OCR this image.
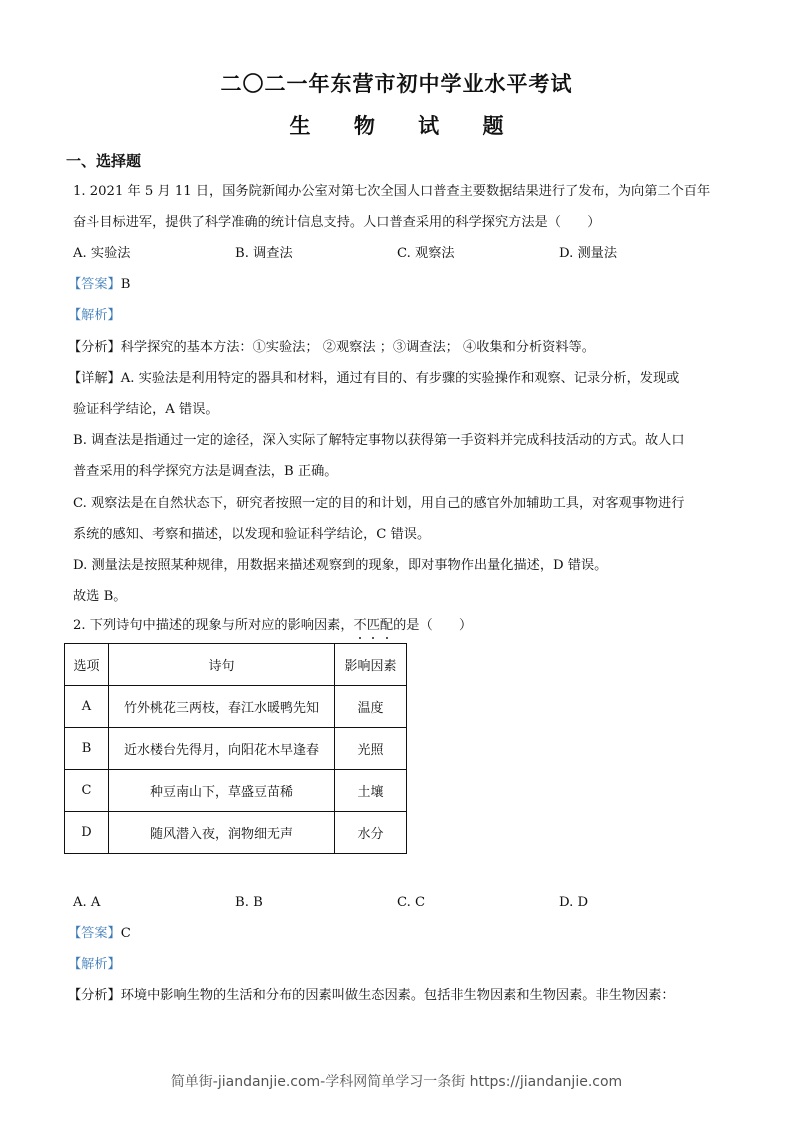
二〇二一年东营市初中学业水平考试
生 物 试 题
一、选择题
1. 2021 年 5 月 11 日，国务院新闻办公室对第七次全国人口普查主要数据结果进行了发布，为向第二个百年
奋斗目标进军，提供了科学准确的统计信息支持。人口普查采用的科学探究方法是（　　）
A. 实验法	B. 调查法	C. 观察法	D. 测量法
【答案】B
【解析】
【分析】科学探究的基本方法：①实验法； ②观察法 ；③调查法； ④收集和分析资料等。
【详解】A. 实验法是利用特定的器具和材料，通过有目的、有步骤的实验操作和观察、记录分析，发现或
验证科学结论，A 错误。
B. 调查法是指通过一定的途径，深入实际了解特定事物以获得第一手资料并完成科技活动的方式。故人口
普查采用的科学探究方法是调查法，B 正确。
C. 观察法是在自然状态下，研究者按照一定的目的和计划，用自己的感官外加辅助工具，对客观事物进行
系统的感知、考察和描述，以发现和验证科学结论，C 错误。
D. 测量法是按照某种规律，用数据来描述观察到的现象，即对事物作出量化描述，D 错误。
故选 B。
2. 下列诗句中描述的现象与所对应的影响因素，不匹配的是（　　）
选项	诗句	影响因素
A	竹外桃花三两枝，春江水暖鸭先知	温度
B	近水楼台先得月，向阳花木早逢春	光照
C	种豆南山下，草盛豆苗稀	土壤
D	随风潜入夜，润物细无声	水分
A. A	B. B	C. C	D. D
【答案】C
【解析】
【分析】环境中影响生物的生活和分布的因素叫做生态因素。包括非生物因素和生物因素。非生物因素：
简单街-jiandanjie.com-学科网简单学习一条街 https://jiandanjie.com
